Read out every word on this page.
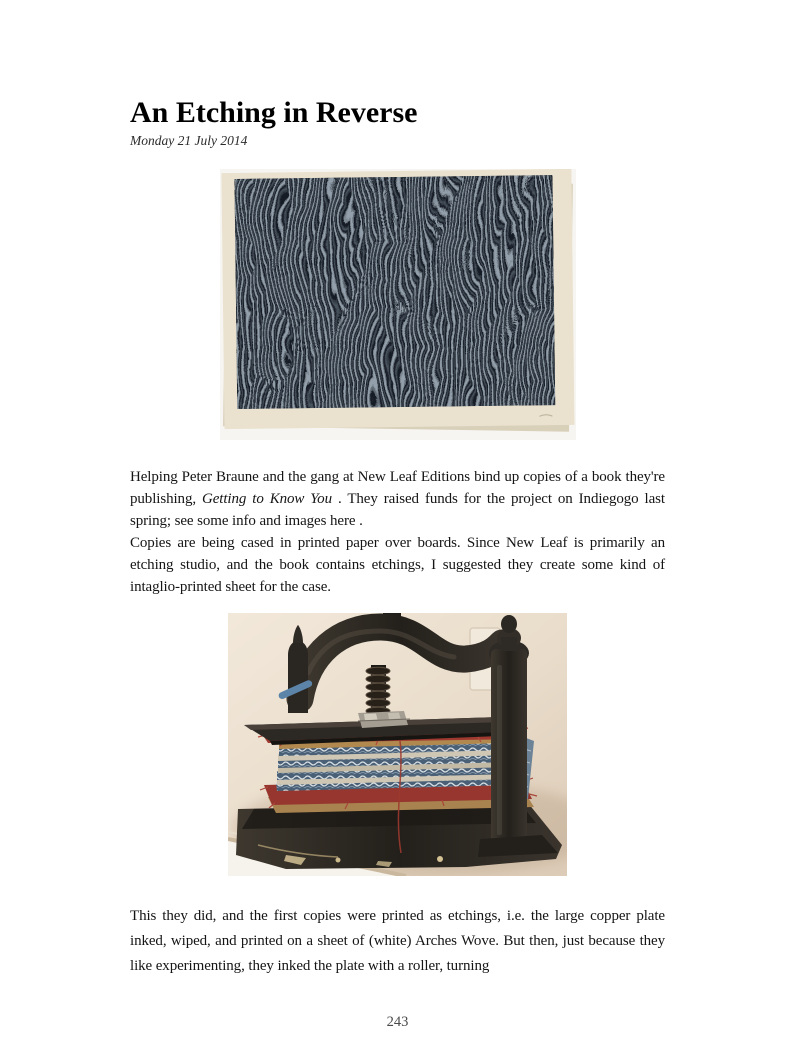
An Etching in Reverse
Monday 21 July 2014

Helping Peter Braune and the gang at New Leaf Editions bind up copies of a book they're publishing, Getting to Know You . They raised funds for the project on Indiegogo last spring; see some info and images here .

Copies are being cased in printed paper over boards. Since New Leaf is primarily an etching studio, and the book contains etchings, I suggested they create some kind of intaglio-printed sheet for the case.

This they did, and the first copies were printed as etchings, i.e. the large copper plate inked, wiped, and printed on a sheet of (white) Arches Wove. But then, just because they like experimenting, they inked the plate with a roller, turning

243
